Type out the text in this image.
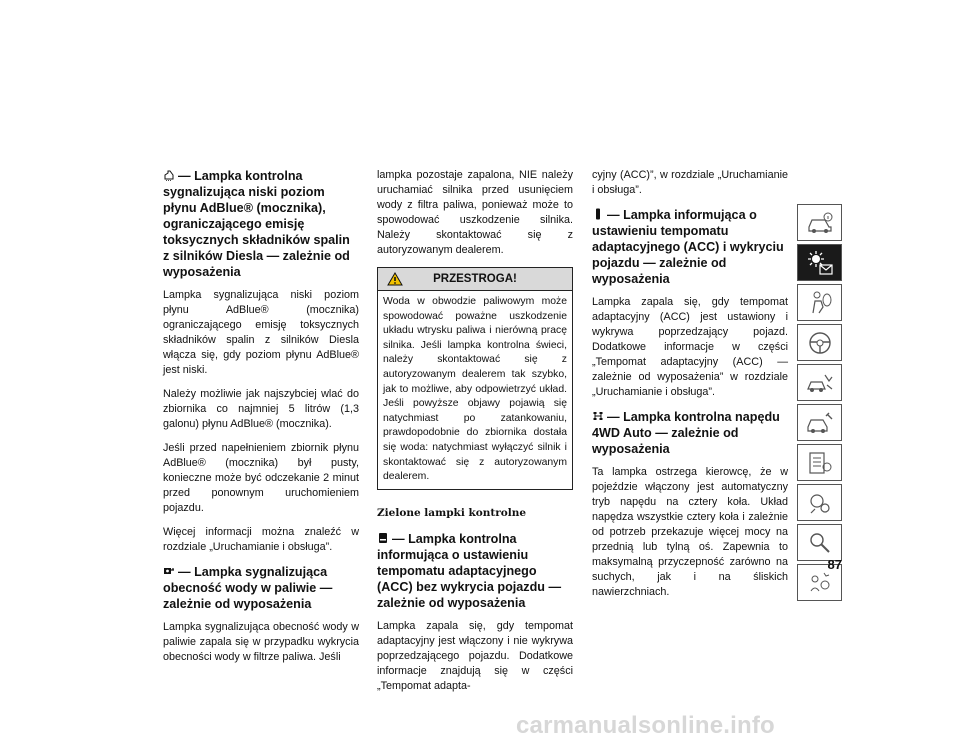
— Lampka kontrolna sygnalizująca niski poziom płynu AdBlue® (mocznika), ograniczającego emisję toksycznych składników spalin z silników Diesla — zależnie od wyposażenia

Lampka sygnalizująca niski poziom płynu AdBlue® (mocznika) ograniczającego emisję toksycznych składników spalin z silników Diesla włącza się, gdy poziom płynu AdBlue® jest niski.

Należy możliwie jak najszybciej wlać do zbiornika co najmniej 5 litrów (1,3 galonu) płynu AdBlue® (mocznika).

Jeśli przed napełnieniem zbiornik płynu AdBlue® (mocznika) był pusty, konieczne może być odczekanie 2 minut przed ponownym uruchomieniem pojazdu.

Więcej informacji można znaleźć w rozdziale „Uruchamianie i obsługa”.

— Lampka sygnalizująca obecność wody w paliwie — zależnie od wyposażenia

Lampka sygnalizująca obecność wody w paliwie zapala się w przypadku wykrycia obecności wody w filtrze paliwa. Jeśli

lampka pozostaje zapalona, NIE należy uruchamiać silnika przed usunięciem wody z filtra paliwa, ponieważ może to spowodować uszkodzenie silnika. Należy skontaktować się z autoryzowanym dealerem.

PRZESTROGA!
Woda w obwodzie paliwowym może spowodować poważne uszkodzenie układu wtrysku paliwa i nierówną pracę silnika. Jeśli lampka kontrolna świeci, należy skontaktować się z autoryzowanym dealerem tak szybko, jak to możliwe, aby odpowietrzyć układ. Jeśli powyższe objawy pojawią się natychmiast po zatankowaniu, prawdopodobnie do zbiornika dostała się woda: natychmiast wyłączyć silnik i skontaktować się z autoryzowanym dealerem.
Zielone lampki kontrolne
— Lampka kontrolna informująca o ustawieniu tempomatu adaptacyjnego (ACC) bez wykrycia pojazdu — zależnie od wyposażenia

Lampka zapala się, gdy tempomat adaptacyjny jest włączony i nie wykrywa poprzedzającego pojazdu. Dodatkowe informacje znajdują się w części „Tempomat adapta-

cyjny (ACC)”, w rozdziale „Uruchamianie i obsługa”.

— Lampka informująca o ustawieniu tempomatu adaptacyjnego (ACC) i wykryciu pojazdu — zależnie od wyposażenia

Lampka zapala się, gdy tempomat adaptacyjny (ACC) jest ustawiony i wykrywa poprzedzający pojazd. Dodatkowe informacje w części „Tempomat adaptacyjny (ACC) — zależnie od wyposażenia” w rozdziale „Uruchamianie i obsługa”.

— Lampka kontrolna napędu 4WD Auto — zależnie od wyposażenia

Ta lampka ostrzega kierowcę, że w pojeździe włączony jest automatyczny tryb napędu na cztery koła. Układ napędza wszystkie cztery koła i zależnie od potrzeb przekazuje więcej mocy na przednią lub tylną oś. Zapewnia to maksymalną przyczepność zarówno na suchych, jak i na śliskich nawierzchniach.

87
carmanualsonline.info
